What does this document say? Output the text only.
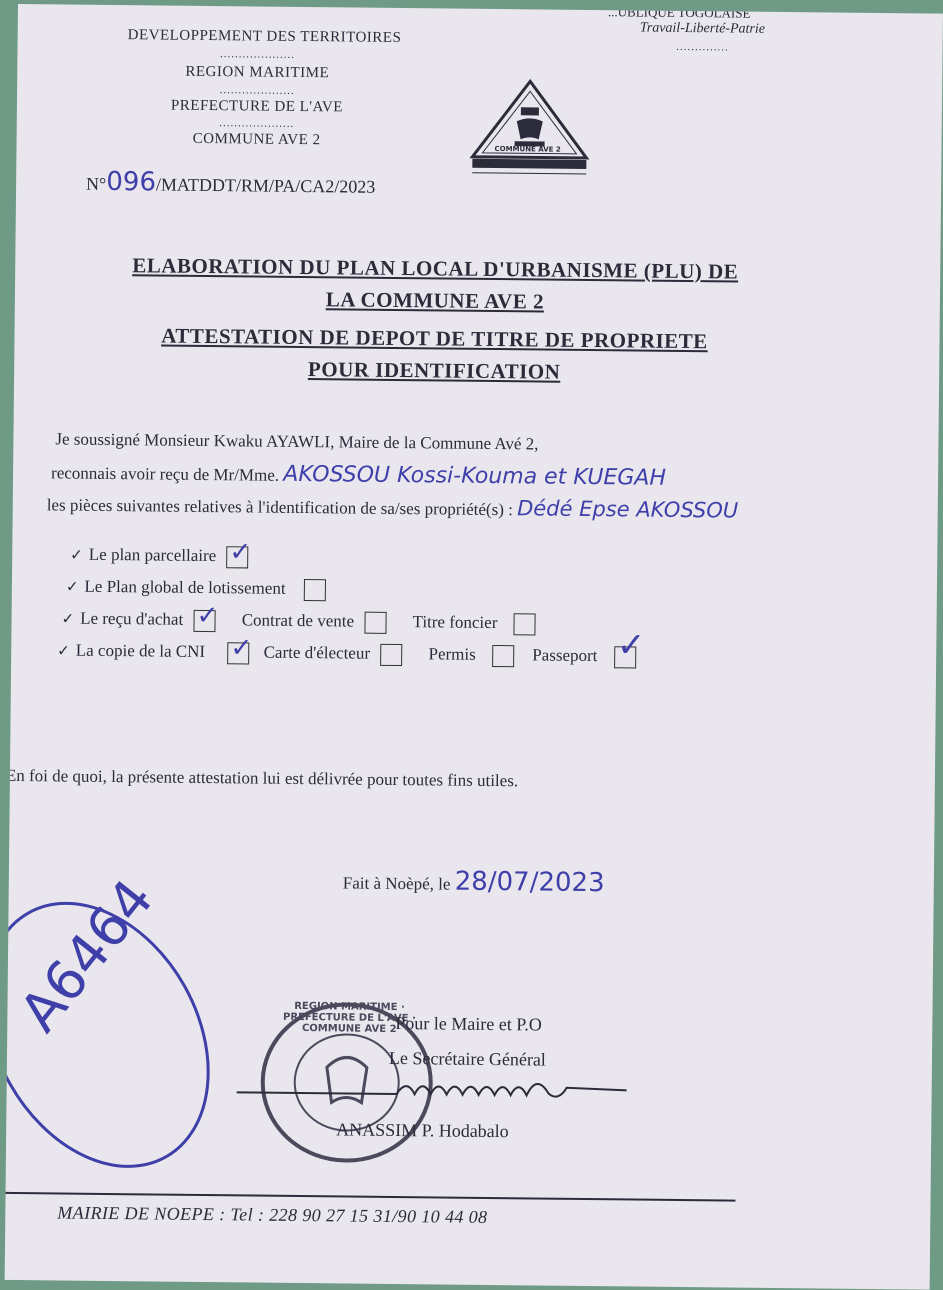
DEVELOPPEMENT DES TERRITOIRES
....................
REGION MARITIME
....................
PREFECTURE DE L'AVE
....................
COMMUNE AVE 2
...UBLIQUE TOGOLAISE
Travail-Liberté-Patrie
..............
COMMUNE AVE 2
N°096/MATDDT/RM/PA/CA2/2023
ELABORATION DU PLAN LOCAL D'URBANISME (PLU) DE
LA COMMUNE AVE 2
ATTESTATION DE DEPOT DE TITRE DE PROPRIETE
POUR IDENTIFICATION
Je soussigné Monsieur Kwaku AYAWLI, Maire de la Commune Avé 2,
reconnais avoir reçu de Mr/Mme. AKOSSOU Kossi-Kouma et KUEGAH
les pièces suivantes relatives à l'identification de sa/ses propriété(s) : Dédé Epse AKOSSOU
✓ Le plan parcellaire ✓
✓ Le Plan global de lotissement
✓ Le reçu d'achat ✓ Contrat de vente	Titre foncier
✓ La copie de la CNI ✓ Carte d'électeur	Permis	Passeport ✓
En foi de quoi, la présente attestation lui est délivrée pour toutes fins utiles.
Fait à Noèpé, le 28/07/2023
A6464	REGION MARITIME · PREFECTURE DE L'AVE · COMMUNE AVE 2
Pour le Maire et P.O
Le Secrétaire Général
ANASSIM P. Hodabalo
MAIRIE DE NOEPE : Tel : 228 90 27 15 31/90 10 44 08
